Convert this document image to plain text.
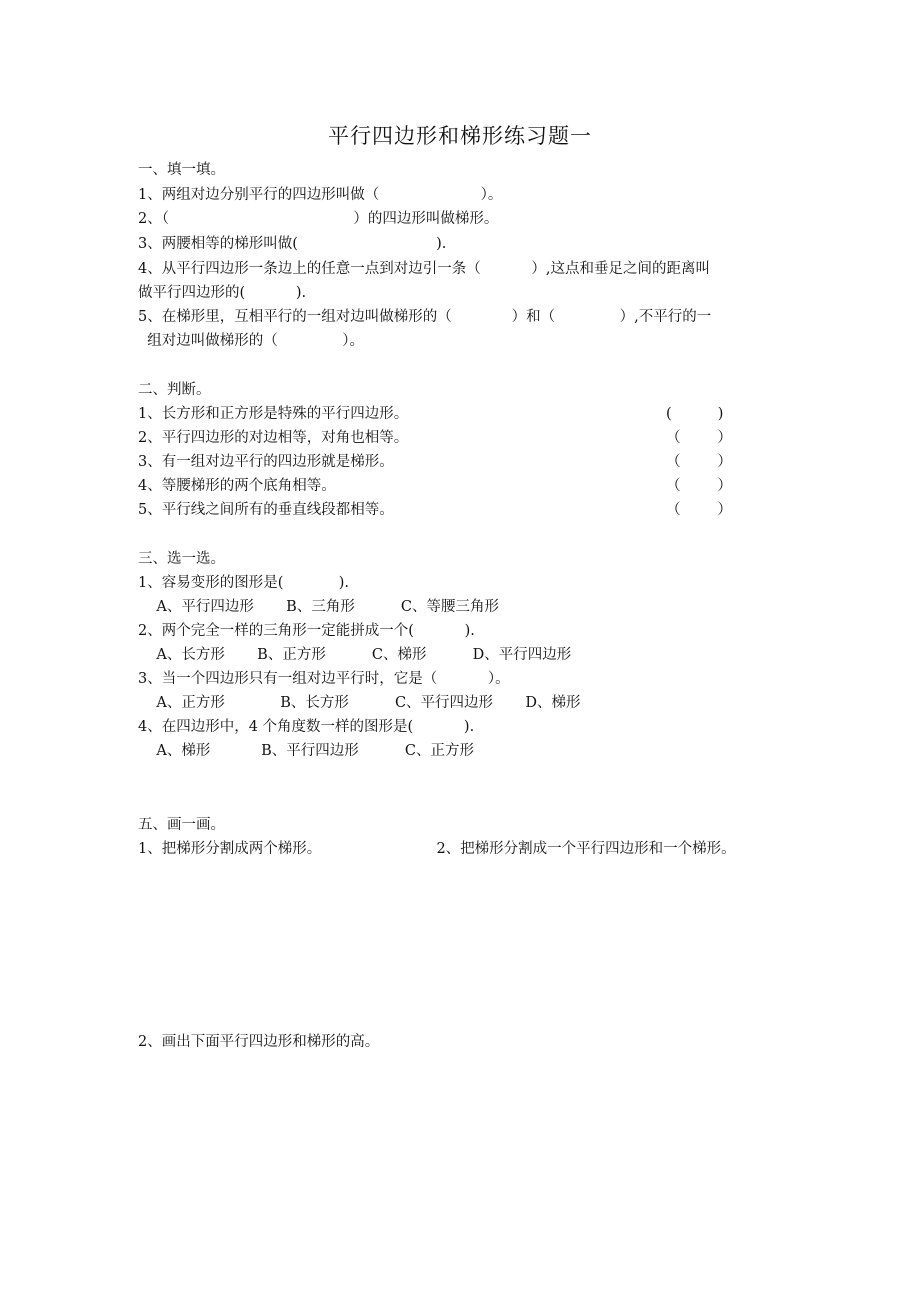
平行四边形和梯形练习题一
一、填一填。
1、两组对边分别平行的四边形叫做（                      ）。
2、（                                        ）的四边形叫做梯形。
3、两腰相等的梯形叫做(                              ).
4、从平行四边形一条边上的任意一点到对边引一条（           ）,这点和垂足之间的距离叫
做平行四边形的(           ).
5、在梯形里，互相平行的一组对边叫做梯形的（             ）和（              ）,不平行的一
组对边叫做梯形的（              ）。
二、判断。
1、长方形和正方形是特殊的平行四边形。	(          )
2、平行四边形的对边相等，对角也相等。	（        ）
3、有一组对边平行的四边形就是梯形。	（        ）
4、等腰梯形的两个底角相等。	（        ）
5、平行线之间所有的垂直线段都相等。	（        ）
三、选一选。
1、容易变形的图形是(            ).
A、平行四边形       B、三角形          C、等腰三角形
2、两个完全一样的三角形一定能拼成一个(           ).
A、长方形       B、正方形          C、梯形          D、平行四边形
3、当一个四边形只有一组对边平行时，它是（           ）。
A、正方形            B、长方形          C、平行四边形       D、梯形
4、在四边形中，4 个角度数一样的图形是(           ).
A、梯形           B、平行四边形          C、正方形
五、画一画。
1、把梯形分割成两个梯形。                         2、把梯形分割成一个平行四边形和一个梯形。
2、画出下面平行四边形和梯形的高。
